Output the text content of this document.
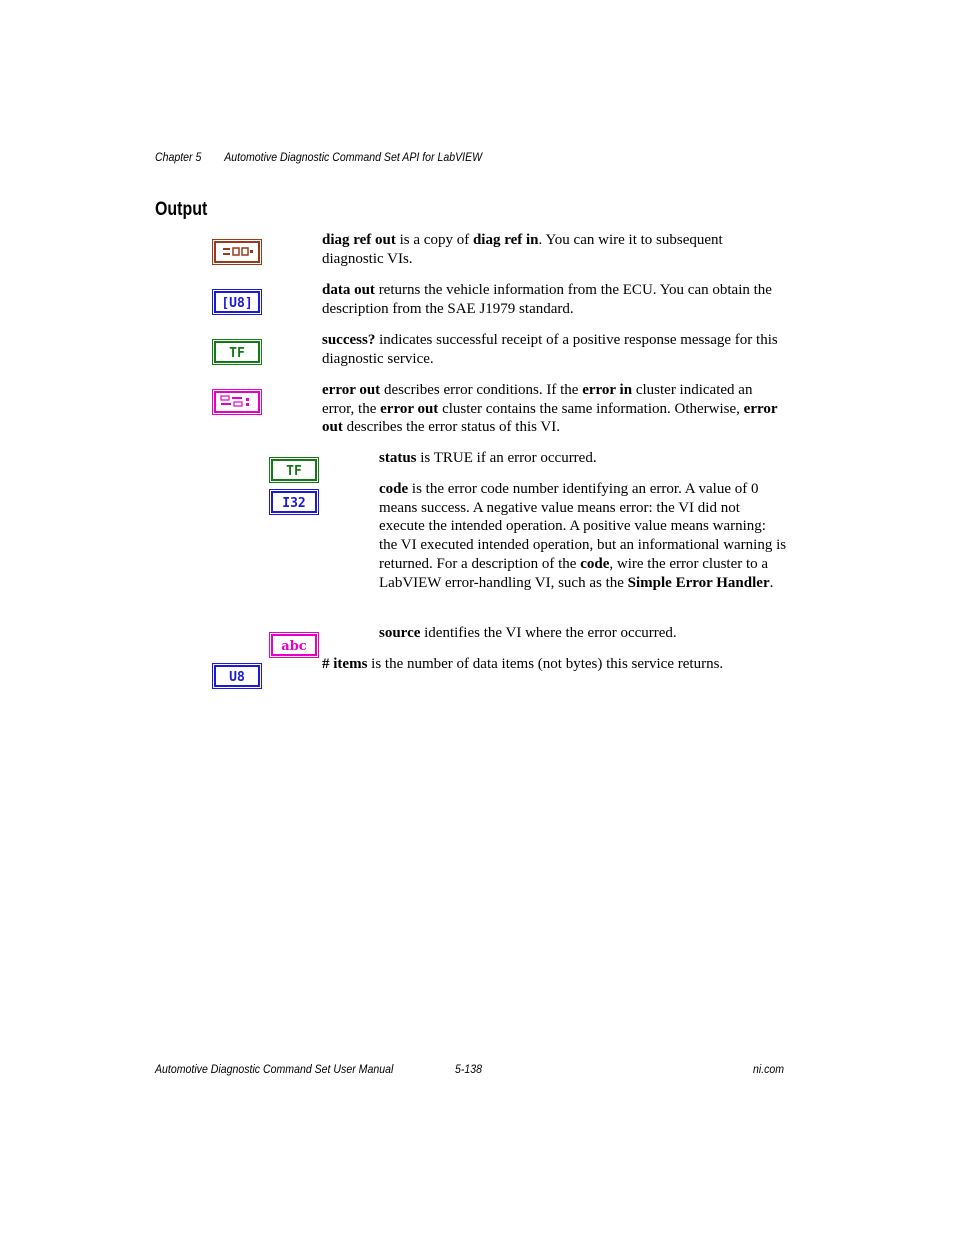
Chapter 5 Automotive Diagnostic Command Set API for LabVIEW
Output
[U8]
TF
TF
I32
abc
U8
diag ref out is a copy of diag ref in. You can wire it to subsequent diagnostic VIs.
data out returns the vehicle information from the ECU. You can obtain the description from the SAE J1979 standard.
success? indicates successful receipt of a positive response message for this diagnostic service.
error out describes error conditions. If the error in cluster indicated an error, the error out cluster contains the same information. Otherwise, error out describes the error status of this VI.
status is TRUE if an error occurred.
code is the error code number identifying an error. A value of 0 means success. A negative value means error: the VI did not execute the intended operation. A positive value means warning: the VI executed intended operation, but an informational warning is returned. For a description of the code, wire the error cluster to a LabVIEW error-handling VI, such as the Simple Error Handler.
source identifies the VI where the error occurred.
# items is the number of data items (not bytes) this service returns.
Automotive Diagnostic Command Set User Manual	5-138	ni.com
